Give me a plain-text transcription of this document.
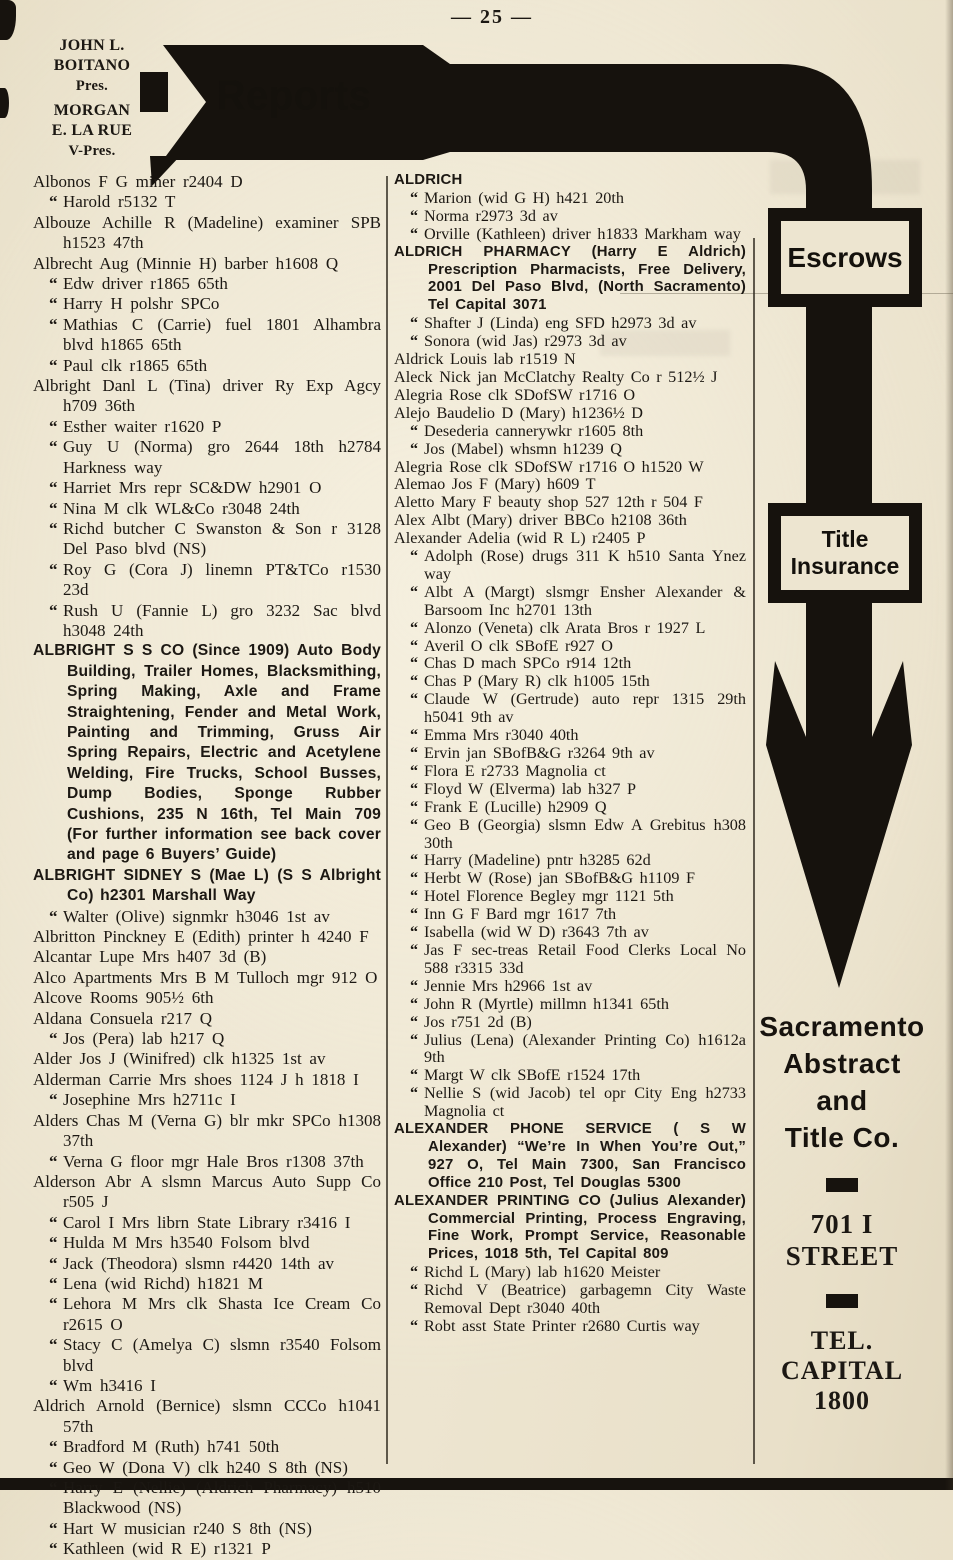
— 25 —
JOHN L.
BOITANO
Pres.
MORGAN
E. LA RUE
V-Pres.
Reports
Escrows
Title
Insurance
Sacramento
Abstract
and
Title Co.
701 I
STREET
TEL.
CAPITAL
1800
Albonos F G miner r2404 D
“ Harold r5132 T
Albouze Achille R (Madeline) examiner SPB h1523 47th
Albrecht Aug (Minnie H) barber h1608 Q
“ Edw driver r1865 65th
“ Harry H polshr SPCo
“ Mathias C (Carrie) fuel 1801 Alhambra blvd h1865 65th
“ Paul clk r1865 65th
Albright Danl L (Tina) driver Ry Exp Agcy h709 36th
“ Esther waiter r1620 P
“ Guy U (Norma) gro 2644 18th h2784 Harkness way
“ Harriet Mrs repr SC&DW h2901 O
“ Nina M clk WL&Co r3048 24th
“ Richd butcher C Swanston & Son r 3128 Del Paso blvd (NS)
“ Roy G (Cora J) linemn PT&TCo r1530 23d
“ Rush U (Fannie L) gro 3232 Sac blvd h3048 24th
ALBRIGHT S S CO (Since 1909) Auto Body Building, Trailer Homes, Blacksmithing, Spring Making, Axle and Frame Straightening, Fender and Metal Work, Painting and Trimming, Gruss Air Spring Repairs, Electric and Acetylene Welding, Fire Trucks, School Busses, Dump Bodies, Sponge Rubber Cushions, 235 N 16th, Tel Main 709 (For further information see back cover and page 6 Buyers’ Guide)
ALBRIGHT SIDNEY S (Mae L) (S S Albright Co) h2301 Marshall Way
“ Walter (Olive) signmkr h3046 1st av
Albritton Pinckney E (Edith) printer h 4240 F
Alcantar Lupe Mrs h407 3d (B)
Alco Apartments Mrs B M Tulloch mgr 912 O
Alcove Rooms 905½ 6th
Aldana Consuela r217 Q
“ Jos (Pera) lab h217 Q
Alder Jos J (Winifred) clk h1325 1st av
Alderman Carrie Mrs shoes 1124 J h 1818 I
“ Josephine Mrs h2711c I
Alders Chas M (Verna G) blr mkr SPCo h1308 37th
“ Verna G floor mgr Hale Bros r1308 37th
Alderson Abr A slsmn Marcus Auto Supp Co r505 J
“ Carol I Mrs librn State Library r3416 I
“ Hulda M Mrs h3540 Folsom blvd
“ Jack (Theodora) slsmn r4420 14th av
“ Lena (wid Richd) h1821 M
“ Lehora M Mrs clk Shasta Ice Cream Co r2615 O
“ Stacy C (Amelya C) slsmn r3540 Folsom blvd
“ Wm h3416 I
Aldrich Arnold (Bernice) slsmn CCCo h1041 57th
“ Bradford M (Ruth) h741 50th
“ Geo W (Dona V) clk h240 S 8th (NS)
“ Harry E (Nellie) (Aldrich Pharmacy) h510 Blackwood (NS)
“ Hart W musician r240 S 8th (NS)
“ Kathleen (wid R E) r1321 P
ALDRICH
“ Marion (wid G H) h421 20th
“ Norma r2973 3d av
“ Orville (Kathleen) driver h1833 Markham way
ALDRICH PHARMACY (Harry E Aldrich) Prescription Pharmacists, Free Delivery, 2001 Del Paso Blvd, (North Sacramento) Tel Capital 3071
“ Shafter J (Linda) eng SFD h2973 3d av
“ Sonora (wid Jas) r2973 3d av
Aldrick Louis lab r1519 N
Aleck Nick jan McClatchy Realty Co r 512½ J
Alegria Rose clk SDofSW r1716 O
Alejo Baudelio D (Mary) h1236½ D
“ Desederia cannerywkr r1605 8th
“ Jos (Mabel) whsmn h1239 Q
Alegria Rose clk SDofSW r1716 O h1520 W
Alemao Jos F (Mary) h609 T
Aletto Mary F beauty shop 527 12th r 504 F
Alex Albt (Mary) driver BBCo h2108 36th
Alexander Adelia (wid R L) r2405 P
“ Adolph (Rose) drugs 311 K h510 Santa Ynez way
“ Albt A (Margt) slsmgr Ensher Alexander & Barsoom Inc h2701 13th
“ Alonzo (Veneta) clk Arata Bros r 1927 L
“ Averil O clk SBofE r927 O
“ Chas D mach SPCo r914 12th
“ Chas P (Mary R) clk h1005 15th
“ Claude W (Gertrude) auto repr 1315 29th h5041 9th av
“ Emma Mrs r3040 40th
“ Ervin jan SBofB&G r3264 9th av
“ Flora E r2733 Magnolia ct
“ Floyd W (Elverma) lab h327 P
“ Frank E (Lucille) h2909 Q
“ Geo B (Georgia) slsmn Edw A Grebitus h308 30th
“ Harry (Madeline) pntr h3285 62d
“ Herbt W (Rose) jan SBofB&G h1109 F
“ Hotel Florence Begley mgr 1121 5th
“ Inn G F Bard mgr 1617 7th
“ Isabella (wid W D) r3643 7th av
“ Jas F sec-treas Retail Food Clerks Local No 588 r3315 33d
“ Jennie Mrs h2966 1st av
“ John R (Myrtle) millmn h1341 65th
“ Jos r751 2d (B)
“ Julius (Lena) (Alexander Printing Co) h1612a 9th
“ Margt W clk SBofE r1524 17th
“ Nellie S (wid Jacob) tel opr City Eng h2733 Magnolia ct
ALEXANDER PHONE SERVICE ( S W Alexander) “We’re In When You’re Out,” 927 O, Tel Main 7300, San Francisco Office 210 Post, Tel Douglas 5300
ALEXANDER PRINTING CO (Julius Alexander) Commercial Printing, Process Engraving, Fine Work, Prompt Service, Reasonable Prices, 1018 5th, Tel Capital 809
“ Richd L (Mary) lab h1620 Meister
“ Richd V (Beatrice) garbagemn City Waste Removal Dept r3040 40th
“ Robt asst State Printer r2680 Curtis way
